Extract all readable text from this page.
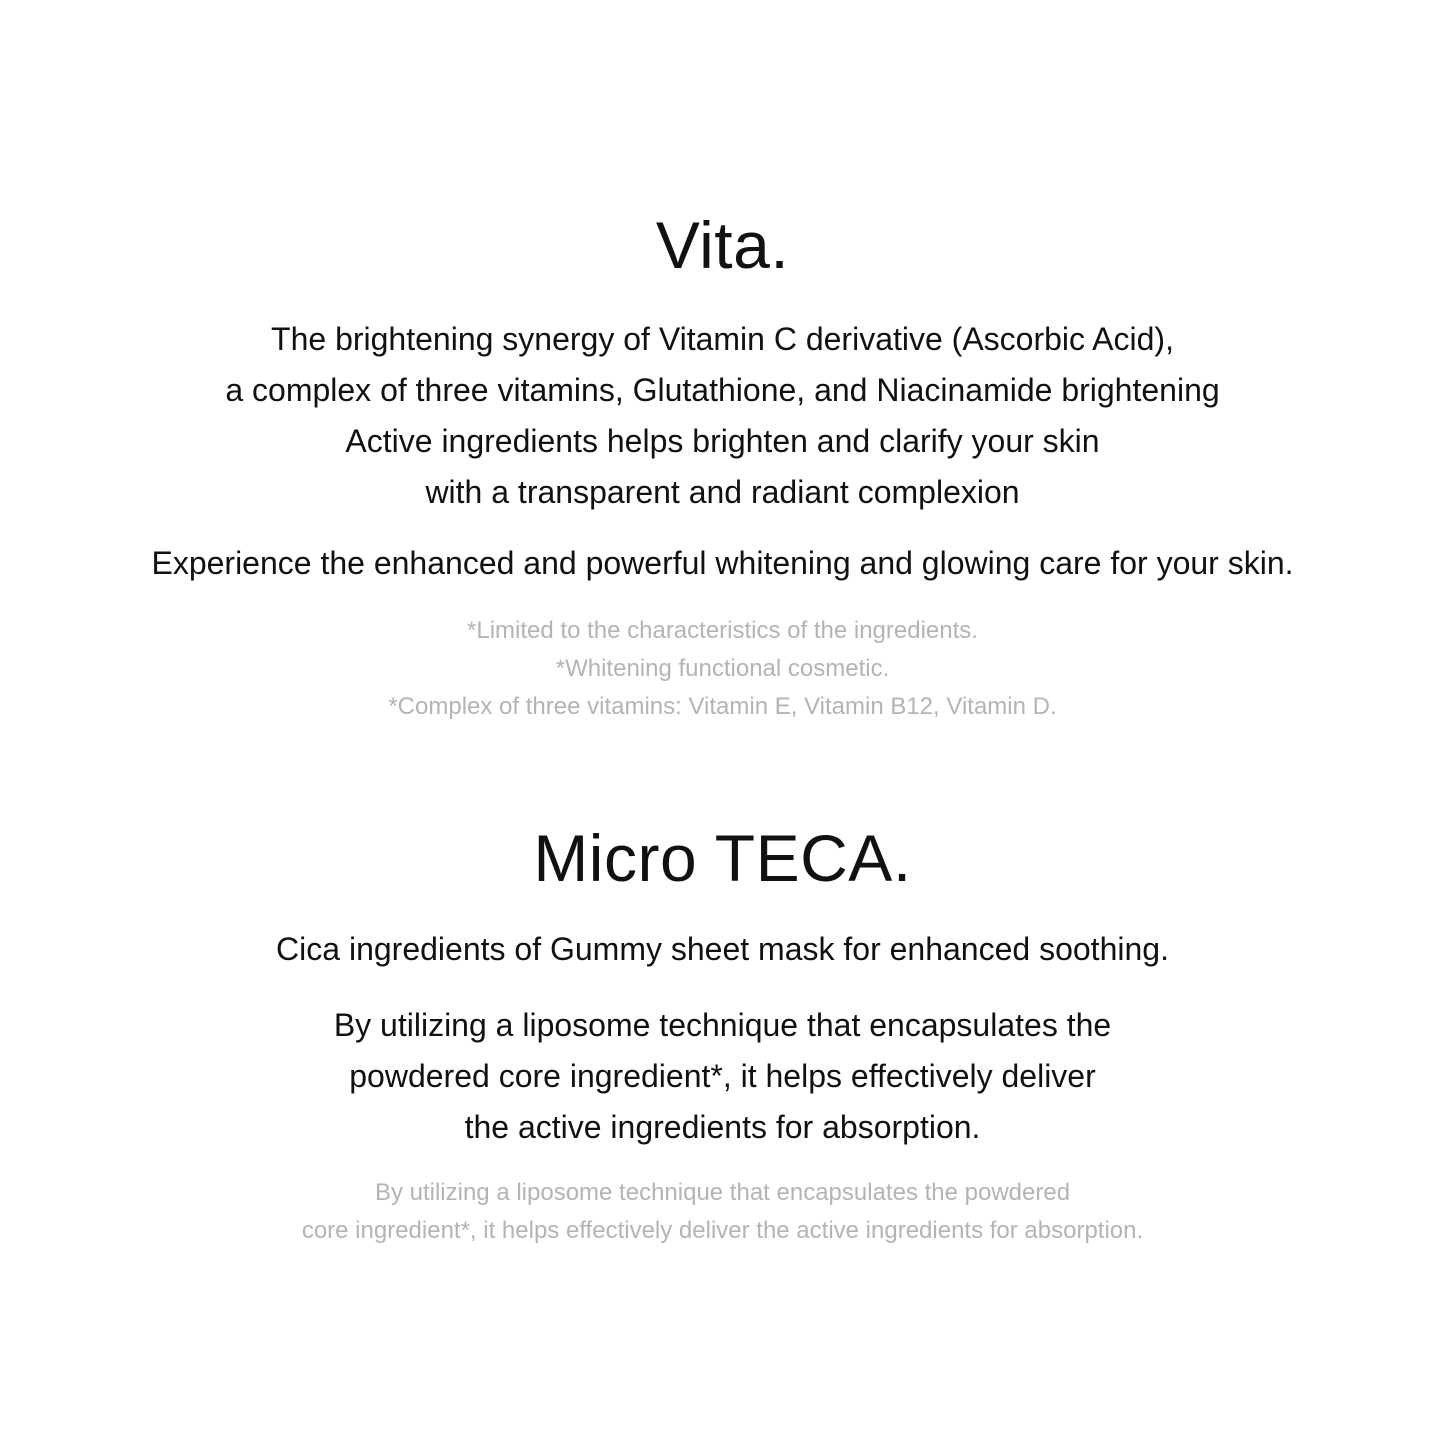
Vita.
The brightening synergy of Vitamin C derivative (Ascorbic Acid),
a complex of three vitamins, Glutathione, and Niacinamide brightening
Active ingredients helps brighten and clarify your skin
with a transparent and radiant complexion
Experience the enhanced and powerful whitening and glowing care for your skin.
*Limited to the characteristics of the ingredients.
*Whitening functional cosmetic.
*Complex of three vitamins: Vitamin E, Vitamin B12, Vitamin D.
Micro TECA.
Cica ingredients of Gummy sheet mask for enhanced soothing.
By utilizing a liposome technique that encapsulates the
powdered core ingredient*, it helps effectively deliver
the active ingredients for absorption.
By utilizing a liposome technique that encapsulates the powdered
core ingredient*, it helps effectively deliver the active ingredients for absorption.
